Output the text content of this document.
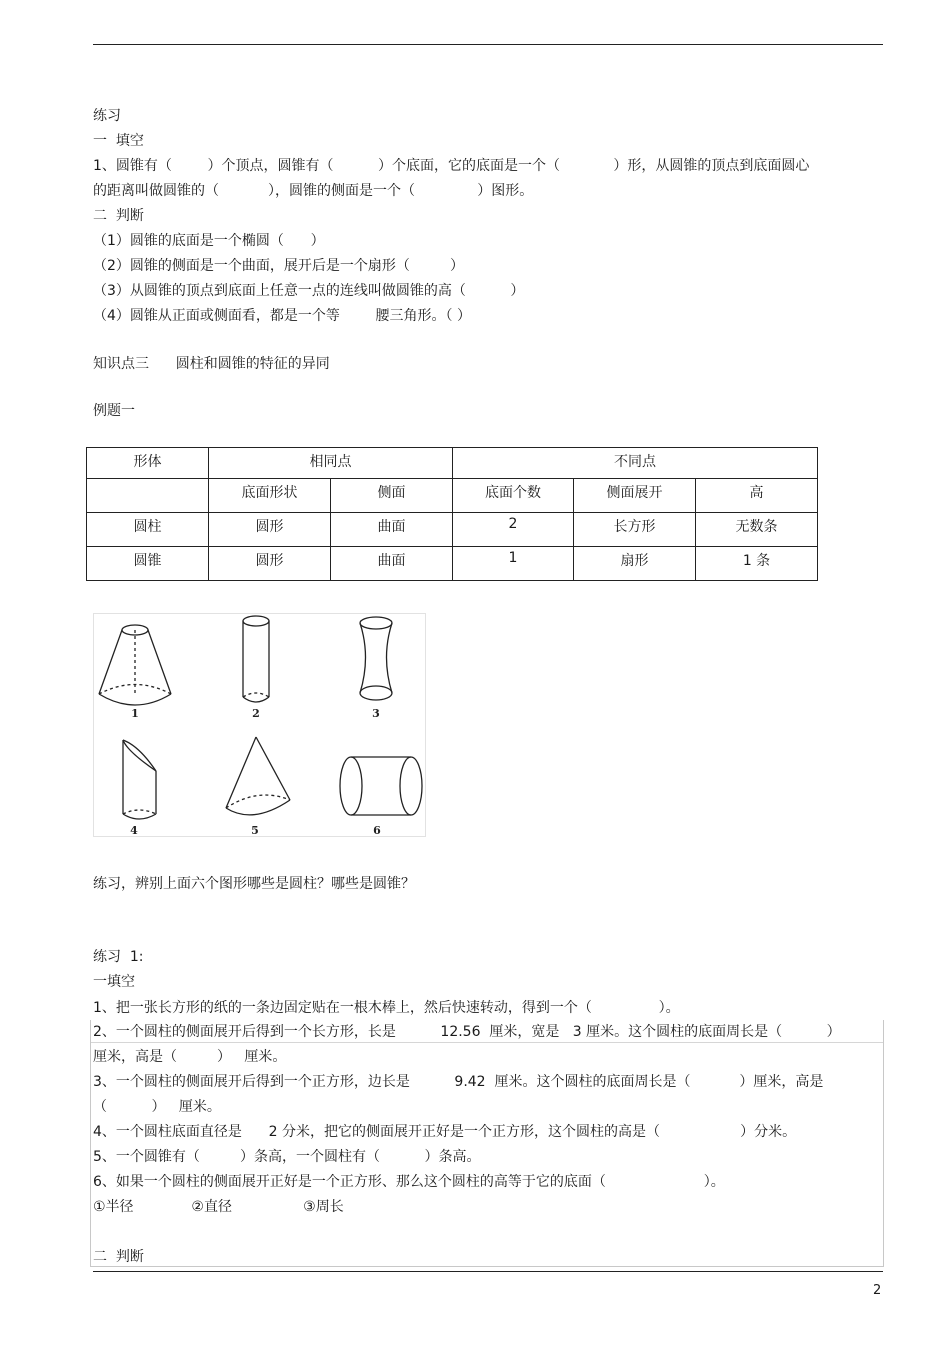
练习
一  填空
1、圆锥有（        ）个顶点，圆锥有（          ）个底面，它的底面是一个（            ）形，从圆锥的顶点到底面圆心
的距离叫做圆锥的（           ），圆锥的侧面是一个（              ）图形。
二  判断
（1）圆锥的底面是一个椭圆（      ）
（2）圆锥的侧面是一个曲面，展开后是一个扇形（         ）
（3）从圆锥的顶点到底面上任意一点的连线叫做圆锥的高（          ）
（4）圆锥从正面或侧面看，都是一个等        腰三角形。（ ）
知识点三      圆柱和圆锥的特征的异同
例题一
形体	相同点		不同点		
	底面形状	侧面	底面个数	侧面展开	高
圆柱	圆形	曲面	2	长方形	无数条
圆锥	圆形	曲面	1	扇形	1 条
1	2	3
4	5	6
练习，辨别上面六个图形哪些是圆柱？哪些是圆锥？
练习  1:
一填空
1、把一张长方形的纸的一条边固定贴在一根木棒上，然后快速转动，得到一个（               ）。
2、一个圆柱的侧面展开后得到一个长方形，长是          12.56  厘米，宽是   3 厘米。这个圆柱的底面周长是（          ）
厘米，高是（         ）   厘米。
3、一个圆柱的侧面展开后得到一个正方形，边长是          9.42  厘米。这个圆柱的底面周长是（           ）厘米，高是
（          ）   厘米。
4、一个圆柱底面直径是      2 分米，把它的侧面展开正好是一个正方形，这个圆柱的高是（                  ）分米。
5、一个圆锥有（         ）条高，一个圆柱有（          ）条高。
6、如果一个圆柱的侧面展开正好是一个正方形、那么这个圆柱的高等于它的底面（                      ）。
①半径             ②直径                ③周长
二  判断
2
